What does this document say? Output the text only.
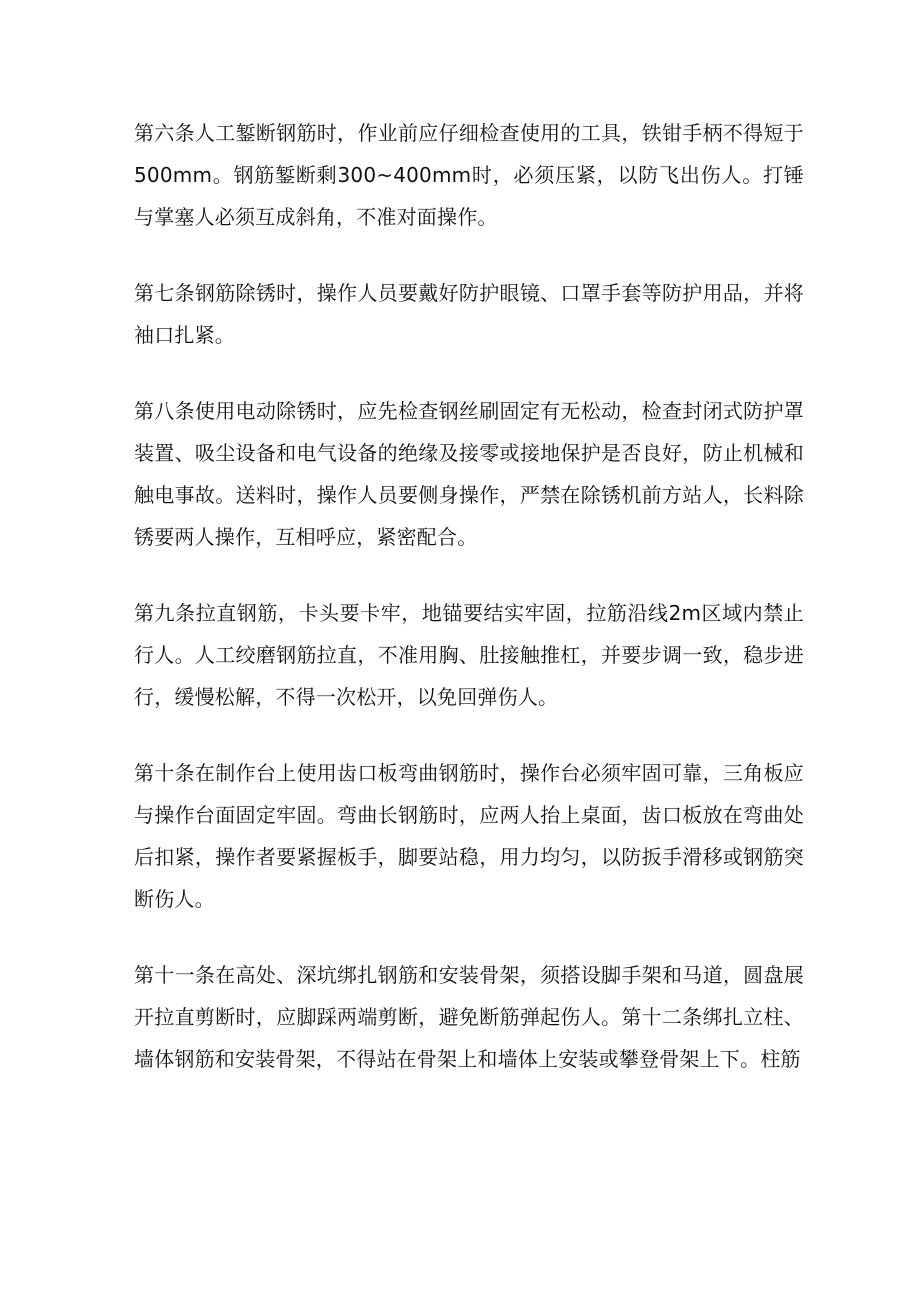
第六条人工錾断钢筋时，作业前应仔细检查使用的工具，铁钳手柄不得短于500mm。钢筋錾断剩300~400mm时，必须压紧，以防飞出伤人。打锤与掌塞人必须互成斜角，不准对面操作。

第七条钢筋除锈时，操作人员要戴好防护眼镜、口罩手套等防护用品，并将袖口扎紧。

第八条使用电动除锈时，应先检查钢丝刷固定有无松动，检查封闭式防护罩装置、吸尘设备和电气设备的绝缘及接零或接地保护是否良好，防止机械和触电事故。送料时，操作人员要侧身操作，严禁在除锈机前方站人，长料除锈要两人操作，互相呼应，紧密配合。

第九条拉直钢筋，卡头要卡牢，地锚要结实牢固，拉筋沿线2m区域内禁止行人。人工绞磨钢筋拉直，不准用胸、肚接触推杠，并要步调一致，稳步进行，缓慢松解，不得一次松开，以免回弹伤人。

第十条在制作台上使用齿口板弯曲钢筋时，操作台必须牢固可靠，三角板应与操作台面固定牢固。弯曲长钢筋时，应两人抬上桌面，齿口板放在弯曲处后扣紧，操作者要紧握板手，脚要站稳，用力均匀，以防扳手滑移或钢筋突断伤人。

第十一条在高处、深坑绑扎钢筋和安装骨架，须搭设脚手架和马道，圆盘展开拉直剪断时，应脚踩两端剪断，避免断筋弹起伤人。第十二条绑扎立柱、墙体钢筋和安装骨架，不得站在骨架上和墙体上安装或攀登骨架上下。柱筋
